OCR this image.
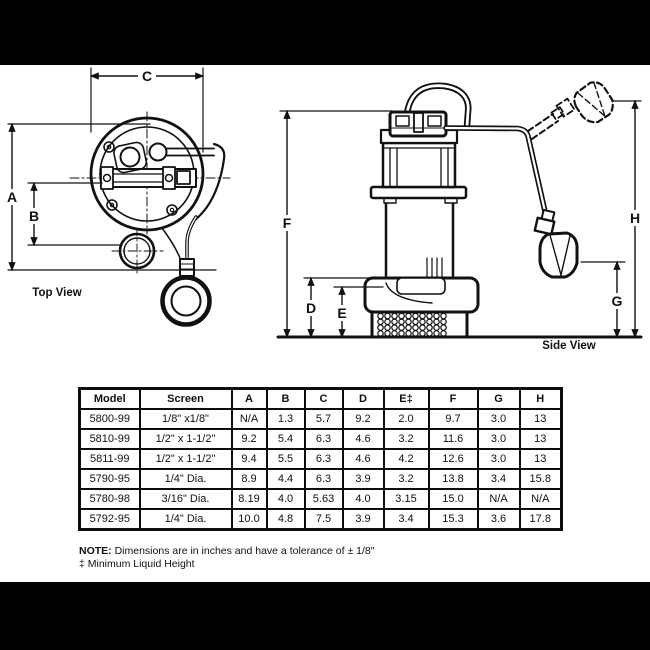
C
A
B	F
D E
H
G
Top View
Side View
Model	Screen	A	B	C	D	E‡	F	G	H
5800-99	1/8" x1/8"	N/A	1.3	5.7	9.2	2.0	9.7	3.0	13
5810-99	1/2" x 1-1/2"	9.2	5.4	6.3	4.6	3.2	11.6	3.0	13
5811-99	1/2" x 1-1/2"	9.4	5.5	6.3	4.6	4.2	12.6	3.0	13
5790-95	1/4" Dia.	8.9	4.4	6.3	3.9	3.2	13.8	3.4	15.8
5780-98	3/16" Dia.	8.19	4.0	5.63	4.0	3.15	15.0	N/A	N/A
5792-95	1/4" Dia.	10.0	4.8	7.5	3.9	3.4	15.3	3.6	17.8
NOTE: Dimensions are in inches and have a tolerance of ± 1/8"
‡ Minimum Liquid Height
